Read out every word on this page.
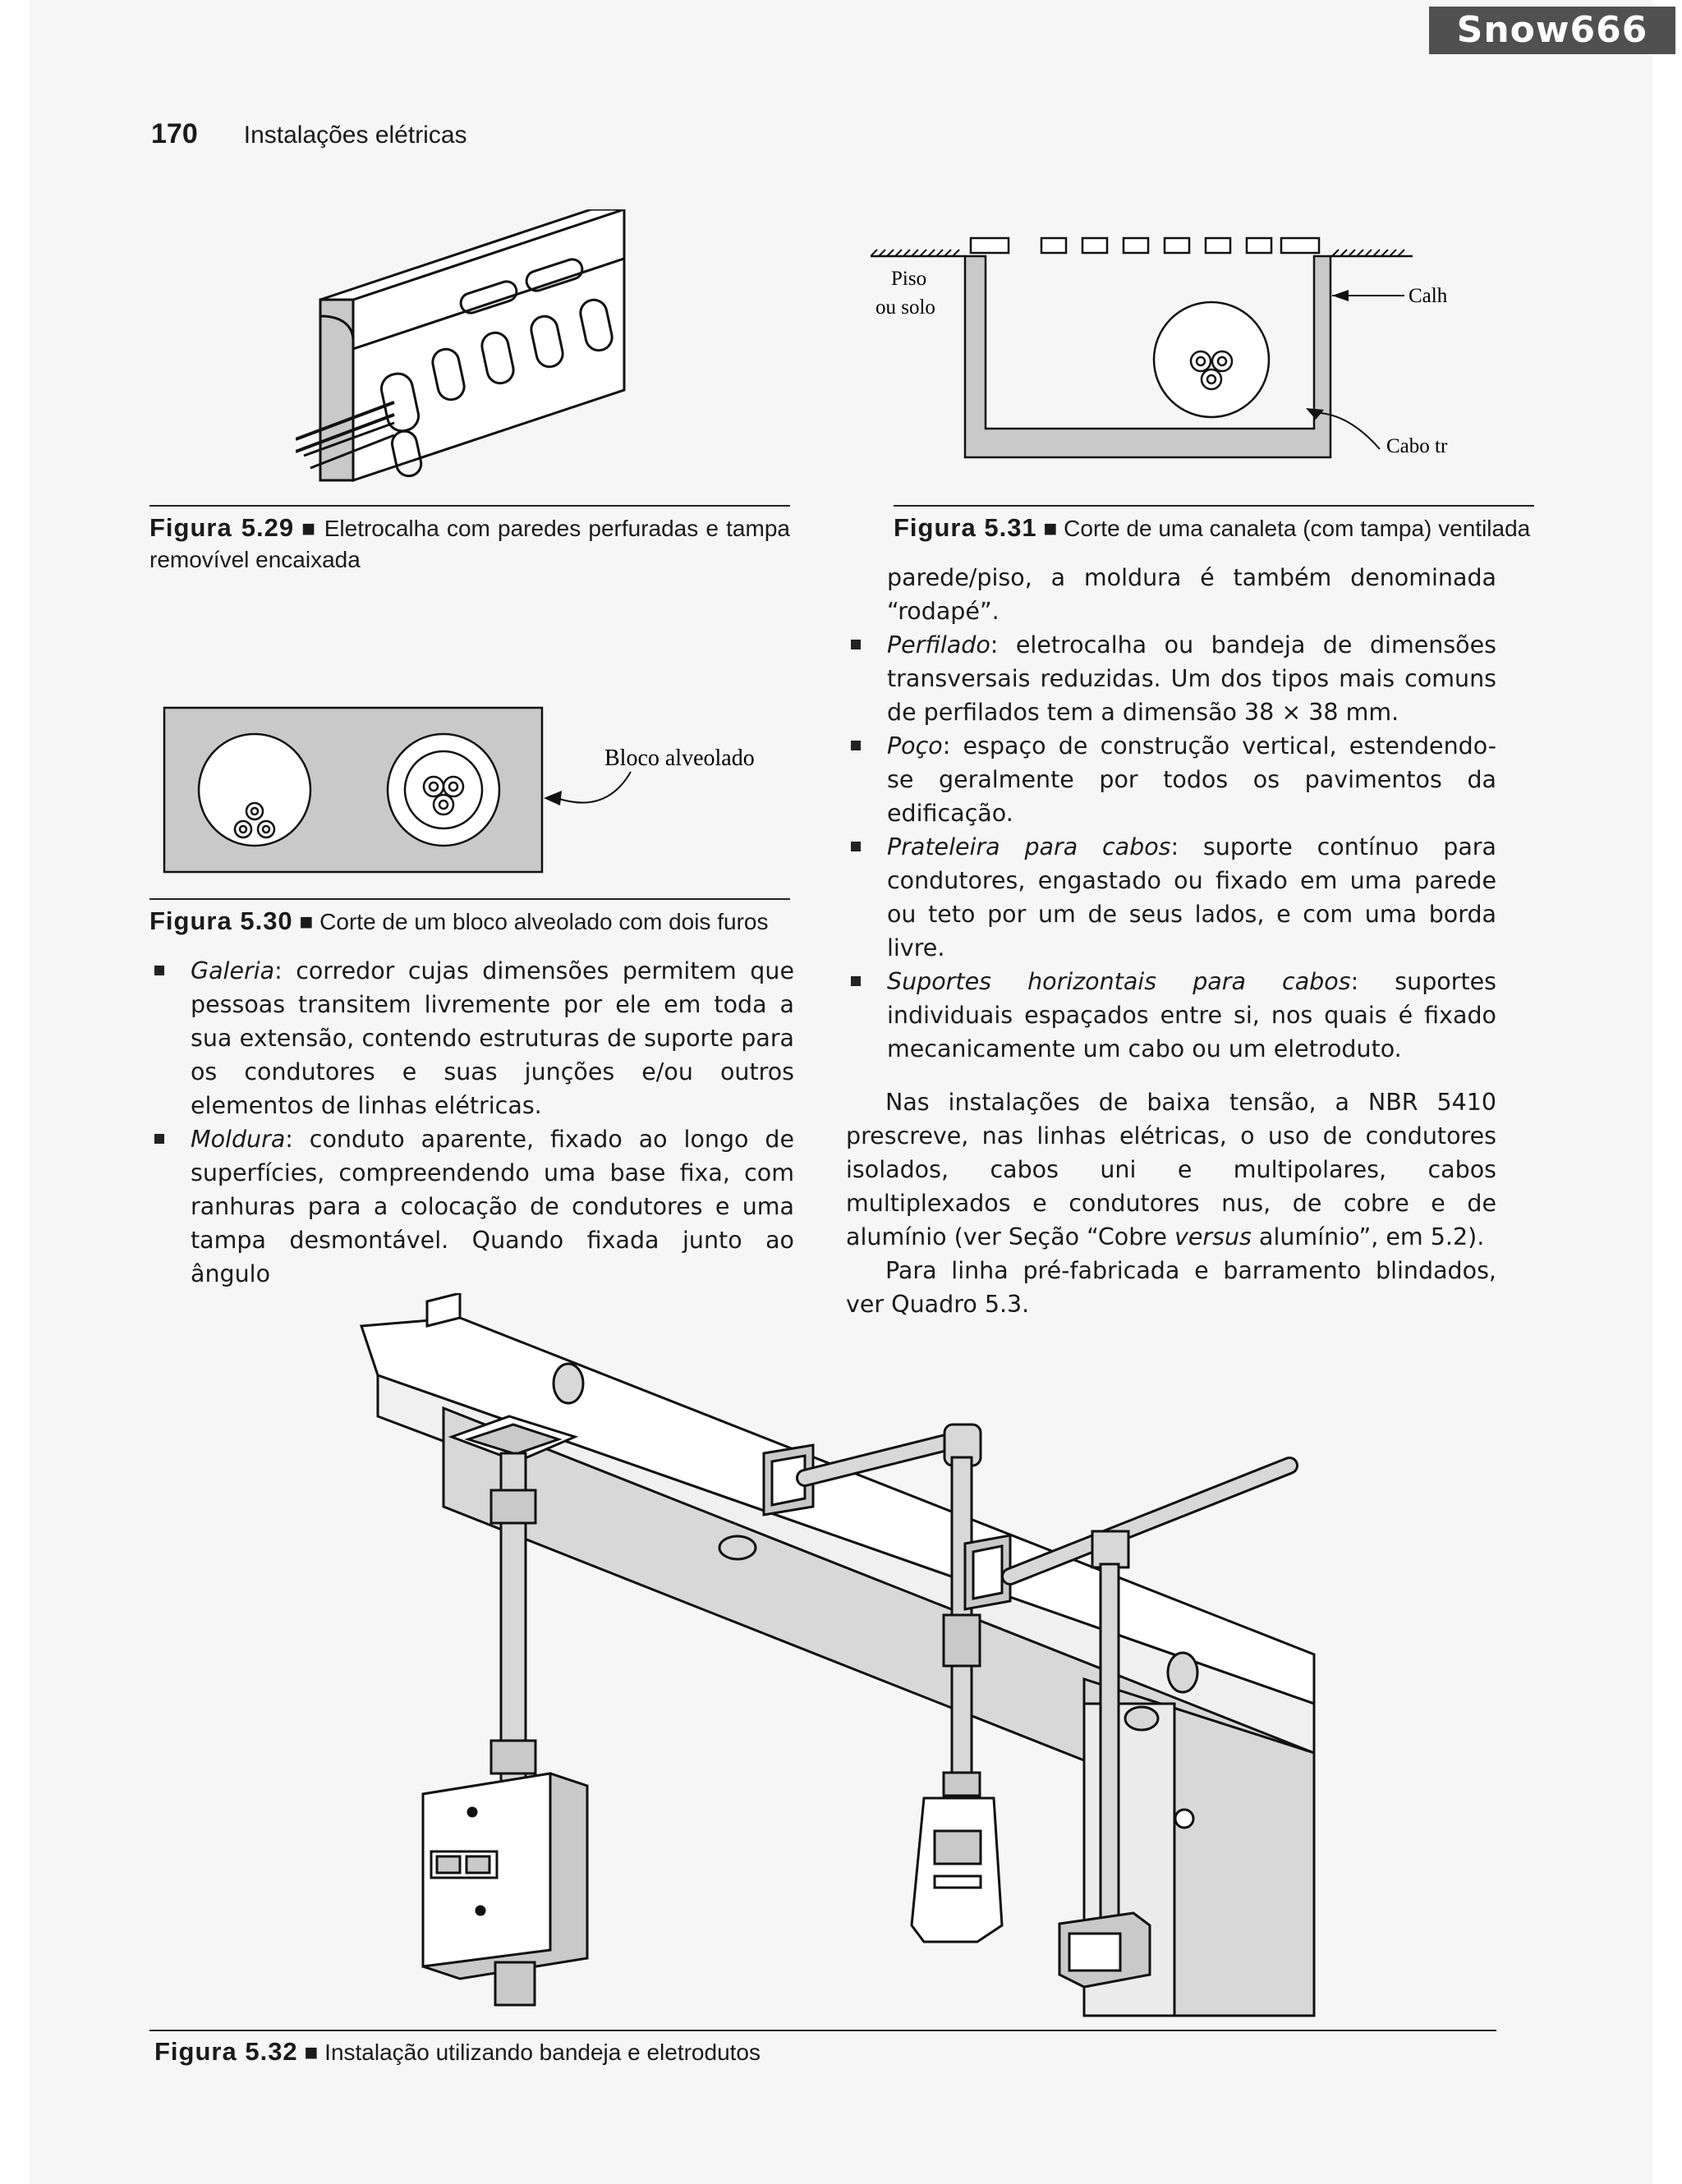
Snow666
170 Instalações elétricas
Figura 5.29 ■ Eletrocalha com paredes perfuradas e tampa removível encaixada
Piso
ou solo
Calh
Cabo tr
Figura 5.31 ■ Corte de uma canaleta (com tampa) ventilada
Bloco alveolado
Figura 5.30 ■ Corte de um bloco alveolado com dois furos
Galeria: corredor cujas dimensões permitem que pessoas transitem livremente por ele em toda a sua extensão, contendo estruturas de suporte para os condutores e suas junções e/ou outros elementos de linhas elétricas.
Moldura: conduto aparente, fixado ao longo de superfícies, compreendendo uma base fixa, com ranhuras para a colocação de condutores e uma tampa desmontável. Quando fixada junto ao ângulo

parede/piso, a moldura é também denominada “rodapé”.

Perfilado: eletrocalha ou bandeja de dimensões transversais reduzidas. Um dos tipos mais comuns de perfilados tem a dimensão 38 × 38 mm.
Poço: espaço de construção vertical, estendendo-se geralmente por todos os pavimentos da edificação.
Prateleira para cabos: suporte contínuo para condutores, engastado ou fixado em uma parede ou teto por um de seus lados, e com uma borda livre.
Suportes horizontais para cabos: suportes individuais espaçados entre si, nos quais é fixado mecanicamente um cabo ou um eletroduto.

Nas instalações de baixa tensão, a NBR 5410 prescreve, nas linhas elétricas, o uso de condutores isolados, cabos uni e multipolares, cabos multiplexados e condutores nus, de cobre e de alumínio (ver Seção “Cobre versus alumínio”, em 5.2).

Para linha pré-fabricada e barramento blindados, ver Quadro 5.3.

Figura 5.32 ■ Instalação utilizando bandeja e eletrodutos
